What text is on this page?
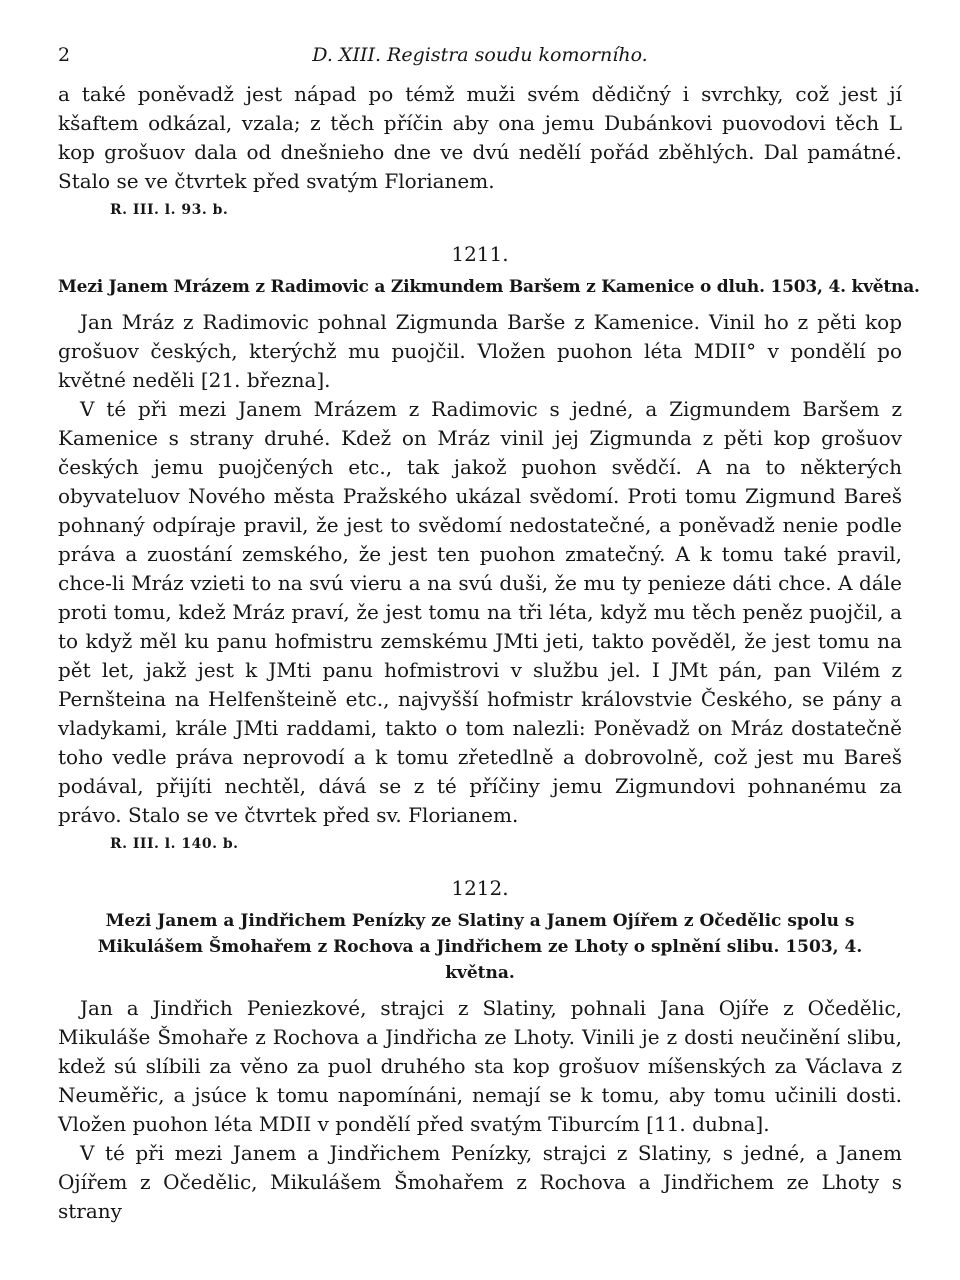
2	D. XIII. Registra soudu komorního.

a také poněvadž jest nápad po témž muži svém dědičný i svrchky, což jest jí kšaftem odkázal, vzala; z těch příčin aby ona jemu Dubánkovi puovodovi těch L kop grošuov dala od dnešnieho dne ve dvú nedělí pořád zběhlých. Dal památné. Stalo se ve čtvrtek před svatým Florianem.

R. III. l. 93. b.
1211.
Mezi Janem Mrázem z Radimovic a Zikmundem Baršem z Kamenice o dluh. 1503, 4. května.

Jan Mráz z Radimovic pohnal Zigmunda Barše z Kamenice. Vinil ho z pěti kop grošuov českých, kterýchž mu puojčil. Vložen puohon léta MDII° v pondělí po květné neděli [21. března].

V té při mezi Janem Mrázem z Radimovic s jedné, a Zigmundem Baršem z Kamenice s strany druhé. Kdež on Mráz vinil jej Zigmunda z pěti kop grošuov českých jemu puojčených etc., tak jakož puohon svědčí. A na to některých obyvateluov Nového města Pražského ukázal svědomí. Proti tomu Zigmund Bareš pohnaný odpíraje pravil, že jest to svědomí nedostatečné, a poněvadž nenie podle práva a zuostání zemského, že jest ten puohon zmatečný. A k tomu také pravil, chce-li Mráz vzieti to na svú vieru a na svú duši, že mu ty penieze dáti chce. A dále proti tomu, kdež Mráz praví, že jest tomu na tři léta, když mu těch peněz puojčil, a to když měl ku panu hofmistru zemskému JMti jeti, takto pověděl, že jest tomu na pět let, jakž jest k JMti panu hofmistrovi v službu jel. I JMt pán, pan Vilém z Pernšteina na Helfenšteině etc., najvyšší hofmistr královstvie Českého, se pány a vladykami, krále JMti raddami, takto o tom nalezli: Poněvadž on Mráz dostatečně toho vedle práva neprovodí a k tomu zřetedlně a dobrovolně, což jest mu Bareš podával, přijíti nechtěl, dává se z té příčiny jemu Zigmundovi pohnanému za právo. Stalo se ve čtvrtek před sv. Florianem.

R. III. l. 140. b.
1212.
Mezi Janem a Jindřichem Penízky ze Slatiny a Janem Ojířem z Očedělic spolu s Mikulášem Šmohařem z Rochova a Jindřichem ze Lhoty o splnění slibu. 1503, 4. května.

Jan a Jindřich Peniezkové, strajci z Slatiny, pohnali Jana Ojíře z Očedělic, Mikuláše Šmohaře z Rochova a Jindřicha ze Lhoty. Vinili je z dosti neučinění slibu, kdež sú slíbili za věno za puol druhého sta kop grošuov míšenských za Václava z Neuměřic, a jsúce k tomu napomínáni, nemají se k tomu, aby tomu učinili dosti. Vložen puohon léta MDII v pondělí před svatým Tiburcím [11. dubna].

V té při mezi Janem a Jindřichem Penízky, strajci z Slatiny, s jedné, a Janem Ojířem z Očedělic, Mikulášem Šmohařem z Rochova a Jindřichem ze Lhoty s strany
